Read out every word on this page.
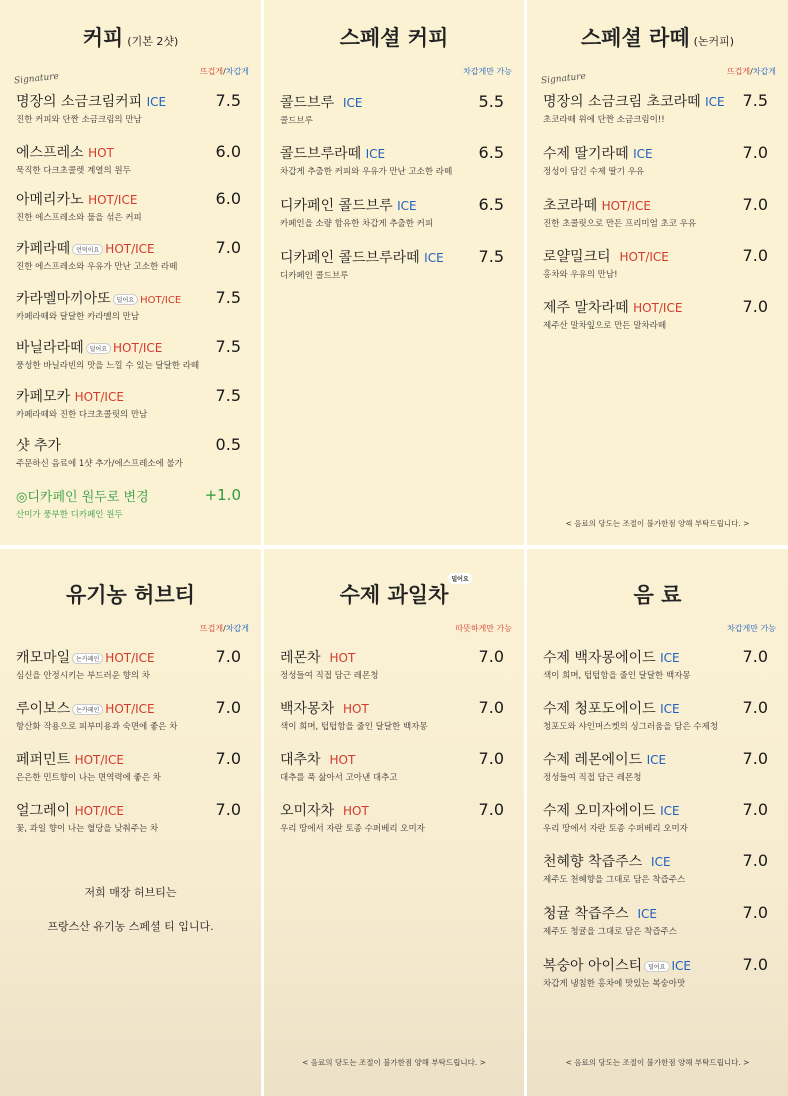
커피 (기본 2샷)
뜨겁게/차갑게
Signature
명장의 소금크림커피 ICE	7.5
진한 커피와 단짠 소금크림의 만남
에스프레소 HOT	6.0
묵직한 다크초콜렛 계열의 원두
아메리카노 HOT/ICE	6.0
진한 에스프레소와 물을 섞은 커피
카페라떼 언덕이요 HOT/ICE	7.0
진한 에스프레소와 우유가 만난 고소한 라떼
카라멜마끼아또 덜어요 HOT/ICE 7.5
카페라떼와 달달한 카라멜의 만남
바닐라라떼 덜어요 HOT/ICE	7.5
풍성한 바닐라빈의 맛을 느낄 수 있는 달달한 라떼
카페모카 HOT/ICE	7.5
카페라떼와 진한 다크초콜릿의 만남
샷 추가	0.5
주문하신 음료에 1샷 추가/에스프레소에 불가
◎디카페인 원두로 변경	+1.0
산미가 풍부한 디카페인 원두
스페셜 커피
차갑게만 가능
콜드브루 ICE	5.5
콜드브루
콜드브루라떼 ICE	6.5
차갑게 추출한 커피와 우유가 만난 고소한 라떼
디카페인 콜드브루 ICE	6.5
카페인을 소량 함유한 차갑게 추출한 커피
디카페인 콜드브루라떼 ICE 7.5
디카페인 콜드브루
스페셜 라떼 (논커피)
뜨겁게/차갑게
Signature
명장의 소금크림 초코라떼 ICE 7.5
초코라떼 위에 단짠 소금크림이!!
수제 딸기라떼 ICE	7.0
정성이 담긴 수제 딸기 우유
초코라떼 HOT/ICE	7.0
진한 초콜릿으로 만든 프리미엄 초코 우유
로얄밀크티 HOT/ICE	7.0
홍차와 우유의 만남!
제주 말차라떼 HOT/ICE	7.0
제주산 말차잎으로 만든 말차라떼
< 음료의 당도는 조절이 불가한점 양해 부탁드립니다. >
유기농 허브티
뜨겁게/차갑게
캐모마일 논카페인 HOT/ICE	7.0
심신을 안정시키는 부드러운 향의 차
루이보스 논카페인 HOT/ICE	7.0
항산화 작용으로 피부미용과 숙면에 좋은 차
페퍼민트 HOT/ICE	7.0
은은한 민트향이 나는 면역력에 좋은 차
얼그레이 HOT/ICE	7.0
꽃, 과일 향이 나는 혈당을 낮춰주는 차
저희 매장 허브티는
프랑스산 유기농 스페셜 티 입니다.
수제 과일차
덜어요
따뜻하게만 가능
레몬차 HOT	7.0
정성들여 직접 담근 레몬청
백자몽차 HOT	7.0
색이 희며, 텁텁함을 줄인 달달한 백자몽
대추차 HOT	7.0
대추를 푹 삶아서 고아낸 대추고
오미자차 HOT	7.0
우리 땅에서 자란 토종 수퍼베리 오미자
< 음료의 당도는 조절이 불가한점 양해 부탁드립니다. >
음 료
차갑게만 가능
수제 백자몽에이드 ICE	7.0
색이 희며, 텁텁함을 줄인 달달한 백자몽
수제 청포도에이드 ICE	7.0
청포도와 샤인머스켓의 싱그러움을 담은 수제청
수제 레몬에이드 ICE	7.0
정성들여 직접 담근 레몬청
수제 오미자에이드 ICE	7.0
우리 땅에서 자란 토종 수퍼베리 오미자
천혜향 착즙주스 ICE	7.0
제주도 천혜향을 그대로 담은 착즙주스
청귤 착즙주스 ICE	7.0
제주도 청귤을 그대로 담은 착즙주스
복숭아 아이스티 덜어요 ICE	7.0
차갑게 냉침한 홍차에 맛있는 복숭아맛
< 음료의 당도는 조절이 불가한점 양해 부탁드립니다. >
